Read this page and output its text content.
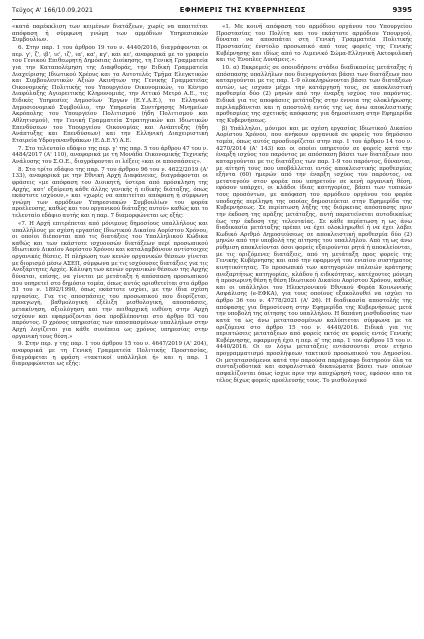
Τεύχος Α' 166/10.09.2021	ΕΦΗΜΕΡΙΣ ΤΗΣ ΚΥΒΕΡΝΗΣΕΩΣ	9395

«κατά παρέκκλιση των κειμένων διατάξεων, χωρίς να απαιτείται απόφαση ή σύμφωνη γνώμη των αρμόδιων Υπηρεσιακών Συμβουλίων.

6. Στην παρ. 1 του άρθρου 19 του ν. 4440/2016, διαγράφονται οι περ. γ', ζ', ιβ', ιε', ιζ', ια', κα', κγ', και κε', αναφορικά με το γραφείο του Γενικού Επιθεωρητή Δημόσιας Διοίκησης, τη Γενική Γραμματεία για την Καταπολέμηση της Διαφθοράς, την Ειδική Γραμματεία Διαχείρισης Ιδιωτικού Χρέους και τα Αυτοτελές Τμήμα Ελεγκτικών και Συμβουλευτικών Αξιών Ακινήτων της Γενικής Γραμματείας Οικονομικής Πολιτικής του Υπουργείου Οικονομικών, το Κέντρο Διαφύλαξης Αγιορειτικής Κληρονομιάς, την Αττικό Μετρό Α.Ε., τις Ειδικές Υπηρεσίες Δημοσίων Έργων (Ε.Υ.Δ.Ε.), το Ελληνικό Δημοσιονομικό Συμβούλιο, την Υπηρεσία Συντήρησης Μνημείων Ακρόπολης του Υπουργείου Πολιτισμού (ήδη Πολιτισμού και Αθλητισμού), την Γενική Γραμματεία Στρατηγικών και Ιδιωτικών Επενδύσεων του Υπουργείου Οικονομίας και Ανάπτυξης (ήδη Ανάπτυξης και Επενδύσεων) και την Ελληνική Διαχειριστική Εταιρεία Υδρογονανθράκων (Ε.Δ.Ε.Υ) Α.Ε.

7. Στο τελευταίο εδάφιο της περ. γ' της παρ. 5 του άρθρου 47 του ν. 4484/2017 (Α' 110), αναφορικά με τη Μονάδα Οικονομικής Τεχνικής Ανάλυσης του Σ.Ο.Ε., διαγράφονται οι λέξεις «και οι αποσπάσεις».

8. Στο τρίτο εδάφιο της παρ. 7 του άρθρου 96 του ν. 4622/2019 (Α' 133), αναφορικά με την Εθνική Αρχή Διαφάνειας, διαγράφονται οι φράσεις «με απόφαση του Διοικητή, ύστερα από πρόσκληση της Αρχής, κατ' εξαίρεση κάθε άλλης γενικής ή ειδικής διάταξης, όπως εκάστοτε ισχύουν,» και «χωρίς να απαιτείται απόφαση ή σύμφωνη γνώμη των αρμόδιων Υπηρεσιακών Συμβουλίων του φορέα προέλευσης, καθώς και του οργανικού διάταξης αυτού» καθώς και το τελευταίο εδάφιο αυτής και η παρ. 7 διαμορφώνεται ως εξής:

«7. Η Αρχή επιτρέπεται από μόνιμους δημοσίους υπαλλήλους και υπαλλήλους με σχέση εργασίας Ιδιωτικού Δικαίου Αορίστου Χρόνου, οι οποίοι διέπονται από τις διατάξεις του Υπαλληλικού Κώδικα καθώς και των εκάστοτε ισχυουσών διατάξεων περί προσωπικού Ιδιωτικού Δικαίου Αορίστου Χρόνου και καταλαμβάνουν αντίστοιχες οργανικές θέσεις. Η πλήρωση των κενών οργανικών θέσεων γίνεται με διορισμό μέσω ΑΣΕΠ, σύμφωνα με τις ισχύουσες διατάξεις για τις Ανεξάρτητες Αρχές. Κάλυψη των κενών οργανικών θέσεων της Αρχής δύναται, επίσης, να γίνεται με μετάταξη ή απόσπαση προσωπικού που υπηρετεί στο δημόσιο τομέα, όπως αυτός οριοθετείται στο άρθρο 51 του ν. 1892/1990, όπως εκάστοτε ισχύει, με την ίδια σχέση εργασίας. Για τις αποσπάσεις του προσωπικού που διορίζεται, προαγωγή, βαθμολογική εξέλιξη μισθολογική, αποσπάσεις, μετακίνηση, αξιολόγηση και την πειθαρχική ευθύνη στην Αρχή ισχύουν και εφαρμόζονται όσα προβλέπονται στο άρθρο 93 του παρόντος. Ο χρόνος υπηρεσίας των αποσπασμένων υπαλλήλων στην Αρχή λογίζεται για κάθε συνέπεια ως χρόνος υπηρεσίας στην οργανική τους θέση.»

9. Στην περ. γ της παρ. 1 του άρθρου 15 του ν. 4647/2019 (Α' 204), αναφορικά με τη Γενική Γραμματεία Πολιτικής Προστασίας, διαγράφεται η φράση «τακτικοί υπάλληλοι ή» και η παρ. 1 διαμορφώνεται ως εξής:

«1. Με κοινή απόφαση του αρμόδιου οργάνου του Υπουργείου Προστασίας του Πολίτη και του εκάστοτε αρμόδιου Υπουργού, δύναται να αποσπάται στη Γενική Γραμματεία Πολιτικής Προστασίας ένστολο προσωπικό από τους φορείς της Γενικής Κυβέρνησης και ιδίως από το Λιμενικό Σώμα-Ελληνική Ακτοφυλακή και τις Ένοπλες Δυνάμεις.».

10. α) Εκκρεμείς σε οποιοδήποτε στάδιο διαδικασίες μετάταξης ή απόσπασης υπαλλήλων που διενεργούνται βάσει των διατάξεων που καταργούνται με τις παρ. 1-9 ολοκληρώνονται βάσει των διατάξεων αυτών, ως ισχυαν μέχρι την κατάργησή τους, σε αποκλειστική προθεσμία δύο (2) μηνών από την έναρξη ισχύος του παρόντος. Ειδικά για τις αποφάσεις μετάταξης στην έννοια της ολοκλήρωσης περιλαμβάνεται και η αποστολή εντός της ως άνω αποκλειστικής προθεσμίας της σχετικής απόφασης για δημοσίευση στην Εφημερίδα της Κυβερνήσεως.

β) Υπάλληλοι, μόνιμοι και με σχέση εργασίας Ιδιωτικού Δικαίου Αορίστου Χρόνου, που ανήκουν οργανικά σε φορείς του δημόσιου τομέα, όπως αυτός προσδιορίζεται στην περ. 1 του άρθρου 14 του ν. 4270/2014 (Α' 143) και οι οποίοι υπηρετούν σε φορείς κατά την έναρξη ισχύος του παρόντος με απόσπαση βάσει των διατάξεων που καταργούνται με τις διατάξεις των παρ. 1-9 του παρόντος, δύνανται, με αίτησή τους που υποβάλλεται εντός αποκλειστικής προθεσμίας εξήντα (60) ημερών από την έναρξη ισχύος του παρόντος, να μεταταγούν στον φορέα που υπηρετούν σε κενή οργανική θέση, εφόσον υπάρχει, οι κλάδοι ίδιας κατηγορίας, βάσει των τυπικών τους προσόντων, με απόφαση του αρμόδιου οργάνου του φορέα υποδοχής περίληψη της οποίας δημοσιεύεται στην Εφημερίδα της Κυβερνήσεως. Σε περίπτωση λήξης της διάρκειας απόσπασης πριν την έκδοση της πράξης μετάταξης, αυτή παρατείνεται αυτοδικαίως έως την έκδοση της τελευταίας. Σε κάθε περίπτωση η ως άνω διαδικασία μετάταξης πρέπει να έχει ολοκληρωθεί ή να έχει λάβει Κωδικό Αριθμό Δημοσιεύσεως σε αποκλειστική προθεσμία δύο (2) μηνών από την υποβολή της αίτησης του υπαλλήλου. Από τη ως άνω ρύθμιση αποκλείονται όσοι φορείς εξαιρούνται ρητά ή αποκλείονται, με τις οριζόμενες διατάξεις, από τη μετάταξη προς φορείς της Γενικής Κυβέρνησης και από την εφαρμογή του ενιαίου συστήματος κινητικότητας. Το προσωπικό των κατηγοριών παλαιών κράτησης ανεξαρτήτως κατηγορίας, κλάδου ή ειδικότητας, κατέχοντες μόνιμη ή προσωρινή θέση ή θέση Ιδιωτικού Δικαίου Αορίστου Χρόνου, καθώς και οι υπάλληλοι του Ηλεκτρονικού Εθνικού Φορέα Κοινωνικής Ασφάλισης (e-ΕΦΚΑ), για τους οποίους εξακολουθεί να ισχύει το άρθρο 36 του ν. 4778/2021 (Α' 26). Η διαδικασία αποστολής της απόφασης για δημοσίευση στην Εφημερίδα της Κυβερνήσεως μετά την υποβολή της αίτησης του υπαλλήλου. Η δαπάνη μισθοδοσίας των κατά τα ως άνω μετατασσομένων καλύπτεται σύμφωνα με τα οριζόμενα στο άρθρο 15 του ν. 4440/2016. Ειδικά για τις περιπτώσεις μετατάξεων από φορείς εκτός σε φορείς εντός Γενικής Κυβέρνησης, εφαρμογή έχει η περ. α' της παρ. 1 του άρθρου 15 του ν. 4440/2016. Οι εν λόγω μετατάξεις εντάσσονται στον ετήσιο προγραμματισμό προσλήψεων τακτικού προσωπικού του Δημοσίου. Οι μετατασσόμενοι κατά την παρούσα παράγραφο διατηρούν όλα τα συνταξιοδοτικά και ασφαλιστικά δικαιώματα βάσει των οποίων ασφαλίζονται όπως ίσχυε πριν την αποχώρησή τους, εφόσον απο τα τέλος δίχως φορείς προέλευσής τους. Το μισθολογικό
